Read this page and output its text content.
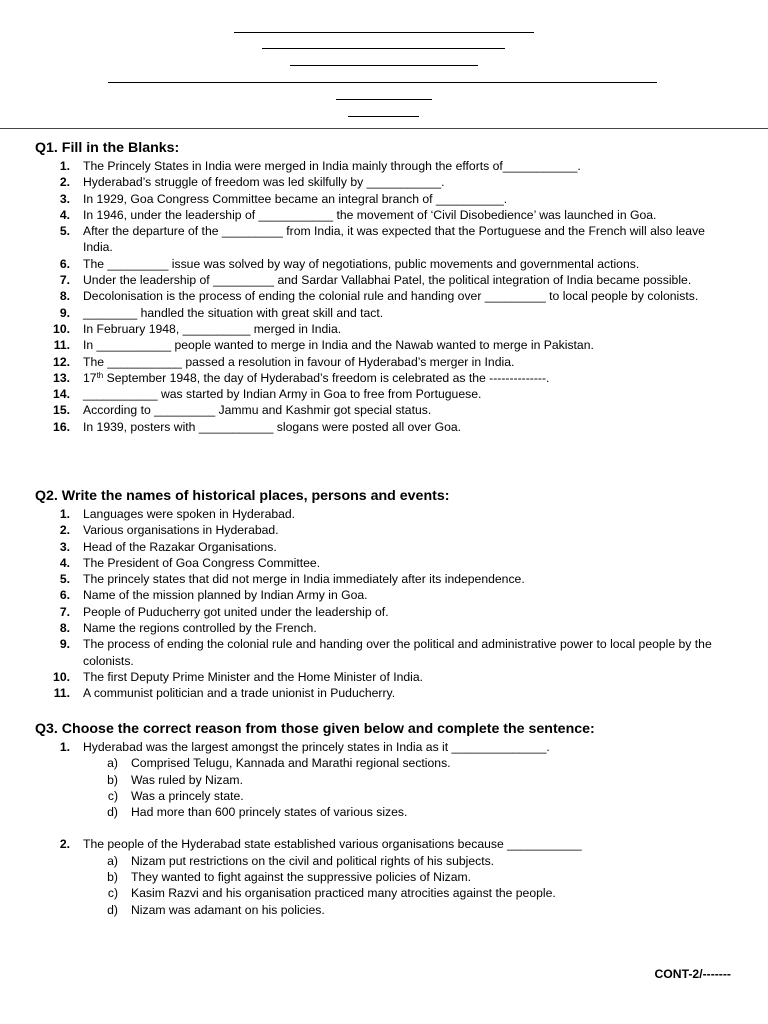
Q1. Fill in the Blanks:
1. The Princely States in India were merged in India mainly through the efforts of___________.
2. Hyderabad’s struggle of freedom was led skilfully by ___________.
3. In 1929, Goa Congress Committee became an integral branch of __________.
4. In 1946, under the leadership of ___________ the movement of ‘Civil Disobedience’ was launched in Goa.
5. After the departure of the _________ from India, it was expected that the Portuguese and the French will also leave India.
6. The _________ issue was solved by way of negotiations, public movements and governmental actions.
7. Under the leadership of _________ and Sardar Vallabhai Patel, the political integration of India became possible.
8. Decolonisation is the process of ending the colonial rule and handing over _________ to local people by colonists.
9. ________ handled the situation with great skill and tact.
10. In February 1948, __________ merged in India.
11. In ___________ people wanted to merge in India and the Nawab wanted to merge in Pakistan.
12. The ___________ passed a resolution in favour of Hyderabad’s merger in India.
13. 17th September 1948, the day of Hyderabad’s freedom is celebrated as the --------------.
14. ___________ was started by Indian Army in Goa to free from Portuguese.
15. According to _________ Jammu and Kashmir got special status.
16. In 1939, posters with ___________ slogans were posted all over Goa.
Q2. Write the names of historical places, persons and events:
1. Languages were spoken in Hyderabad.
2. Various organisations in Hyderabad.
3. Head of the Razakar Organisations.
4. The President of Goa Congress Committee.
5. The princely states that did not merge in India immediately after its independence.
6. Name of the mission planned by Indian Army in Goa.
7. People of Puducherry got united under the leadership of.
8. Name the regions controlled by the French.
9. The process of ending the colonial rule and handing over the political and administrative power to local people by the colonists.
10. The first Deputy Prime Minister and the Home Minister of India.
11. A communist politician and a trade unionist in Puducherry.
Q3. Choose the correct reason from those given below and complete the sentence:
1. Hyderabad was the largest amongst the princely states in India as it ______________.
a) Comprised Telugu, Kannada and Marathi regional sections.
b) Was ruled by Nizam.
c) Was a princely state.
d) Had more than 600 princely states of various sizes.
2. The people of the Hyderabad state established various organisations because ___________
a) Nizam put restrictions on the civil and political rights of his subjects.
b) They wanted to fight against the suppressive policies of Nizam.
c) Kasim Razvi and his organisation practiced many atrocities against the people.
d) Nizam was adamant on his policies.
CONT-2/-------
